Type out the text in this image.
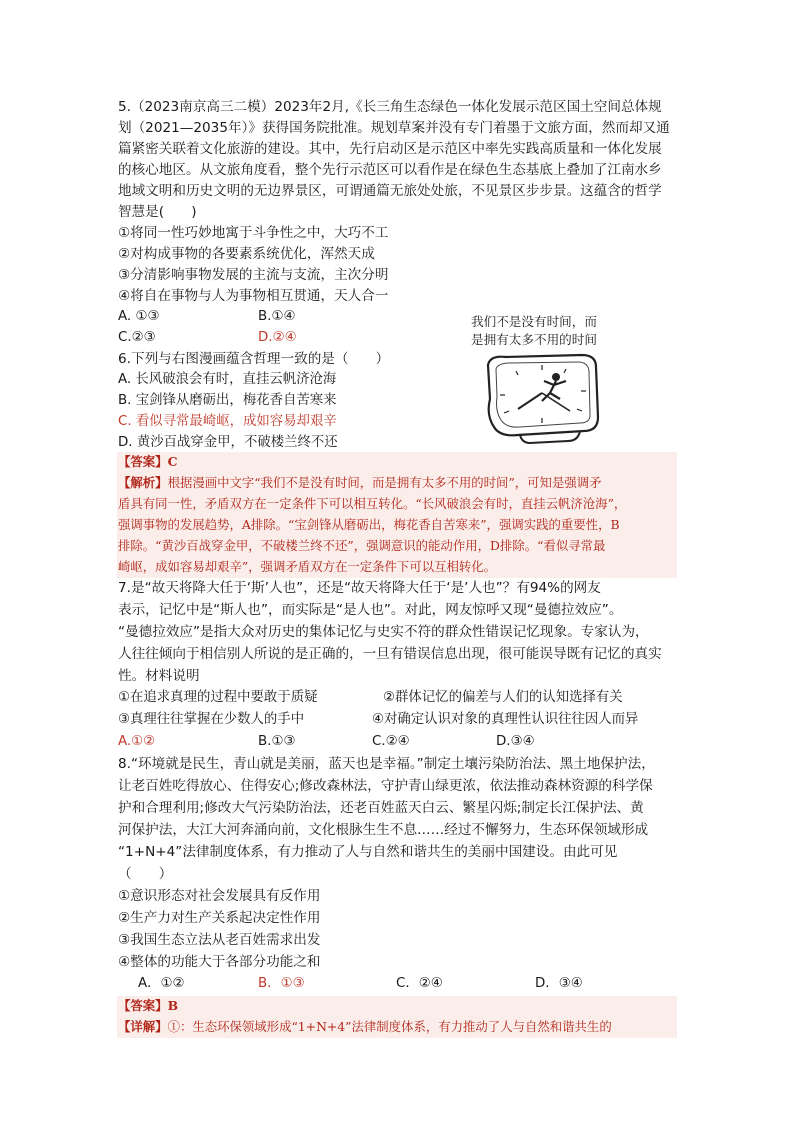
5.（2023南京高三二模）2023年2月,《长三角生态绿色一体化发展示范区国土空间总体规
划（2021—2035年）》获得国务院批准。规划草案并没有专门着墨于文旅方面，然而却又通
篇紧密关联着文化旅游的建设。其中，先行启动区是示范区中率先实践高质量和一体化发展
的核心地区。从文旅角度看，整个先行示范区可以看作是在绿色生态基底上叠加了江南水乡
地域文明和历史文明的无边界景区，可谓通篇无旅处处旅，不见景区步步景。这蕴含的哲学
智慧是(　　)
①将同一性巧妙地寓于斗争性之中，大巧不工
②对构成事物的各要素系统优化，浑然天成
③分清影响事物发展的主流与支流，主次分明
④将自在事物与人为事物相互贯通，天人合一
A. ①③	B.①④
C.②③	D.②④
我们不是没有时间，而
是拥有太多不用的时间
6.下列与右图漫画蕴含哲理一致的是（　　）
A. 长风破浪会有时，直挂云帆济沧海
B. 宝剑锋从磨砺出，梅花香自苦寒来
C. 看似寻常最崎岖，成如容易却艰辛
D. 黄沙百战穿金甲，不破楼兰终不还
【答案】C
【解析】根据漫画中文字“我们不是没有时间，而是拥有太多不用的时间”，可知是强调矛
盾具有同一性，矛盾双方在一定条件下可以相互转化。“长风破浪会有时，直挂云帆济沧海”，
强调事物的发展趋势，A排除。“宝剑锋从磨砺出，梅花香自苦寒来”，强调实践的重要性，B
排除。“黄沙百战穿金甲，不破楼兰终不还”，强调意识的能动作用，D排除。“看似寻常最
崎岖，成如容易却艰辛”，强调矛盾双方在一定条件下可以互相转化。
7.是“故天将降大任于‘斯’人也”，还是“故天将降大任于‘是’人也”？有94%的网友
表示，记忆中是“斯人也”，而实际是“是人也”。对此，网友惊呼又现“曼德拉效应”。
“曼德拉效应”是指大众对历史的集体记忆与史实不符的群众性错误记忆现象。专家认为，
人往往倾向于相信别人所说的是正确的，一旦有错误信息出现，很可能误导既有记忆的真实
性。材料说明
①在追求真理的过程中要敢于质疑	②群体记忆的偏差与人们的认知选择有关
③真理往往掌握在少数人的手中	④对确定认识对象的真理性认识往往因人而异
A.①②	B.①③	C.②④	D.③④
8.“环境就是民生，青山就是美丽，蓝天也是幸福。”制定土壤污染防治法、黑土地保护法，
让老百姓吃得放心、住得安心;修改森林法，守护青山绿更浓，依法推动森林资源的科学保
护和合理利用;修改大气污染防治法，还老百姓蓝天白云、繁星闪烁;制定长江保护法、黄
河保护法，大江大河奔涌向前，文化根脉生生不息……经过不懈努力，生态环保领域形成
“1+N+4”法律制度体系，有力推动了人与自然和谐共生的美丽中国建设。由此可见
（　　）
①意识形态对社会发展具有反作用
②生产力对生产关系起决定性作用
③我国生态立法从老百姓需求出发
④整体的功能大于各部分功能之和
A．①②	B．①③	C．②④	D．③④
【答案】B
【详解】①：生态环保领域形成“1+N+4”法律制度体系，有力推动了人与自然和谐共生的
